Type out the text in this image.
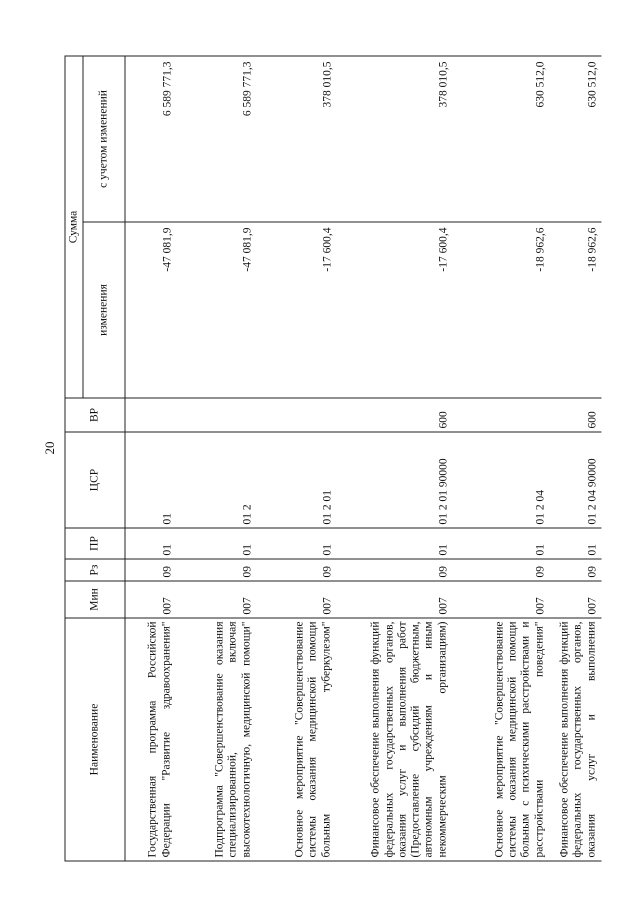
20
Наименование	Мин	Рз	ПР	ЦСР	ВР	Сумма	
						изменения	с учетом изменений
Государственная программа Российской Федерации "Развитие здравоохранения"	007	09	01	01		-47 081,9	6 589 771,3
Подпрограмма "Совершенствование оказания специализированной, включая высокотехнологичную, медицинской помощи"	007	09	01	01 2		-47 081,9	6 589 771,3
Основное мероприятие "Совершенствование системы оказания медицинской помощи больным туберкулезом"	007	09	01	01 2 01		-17 600,4	378 010,5
Финансовое обеспечение выполнения функций федеральных государственных органов, оказания услуг и выполнения работ (Предоставление субсидий бюджетным, автономным учреждениям и иным некоммерческим организациям)	007	09	01	01 2 01 90000	600	-17 600,4	378 010,5
Основное мероприятие "Совершенствование системы оказания медицинской помощи больным с психическими расстройствами и расстройствами поведения"	007	09	01	01 2 04		-18 962,6	630 512,0
Финансовое обеспечение выполнения функций федеральных государственных органов, оказания услуг и выполнения	007	09	01	01 2 04 90000	600	-18 962,6	630 512,0
